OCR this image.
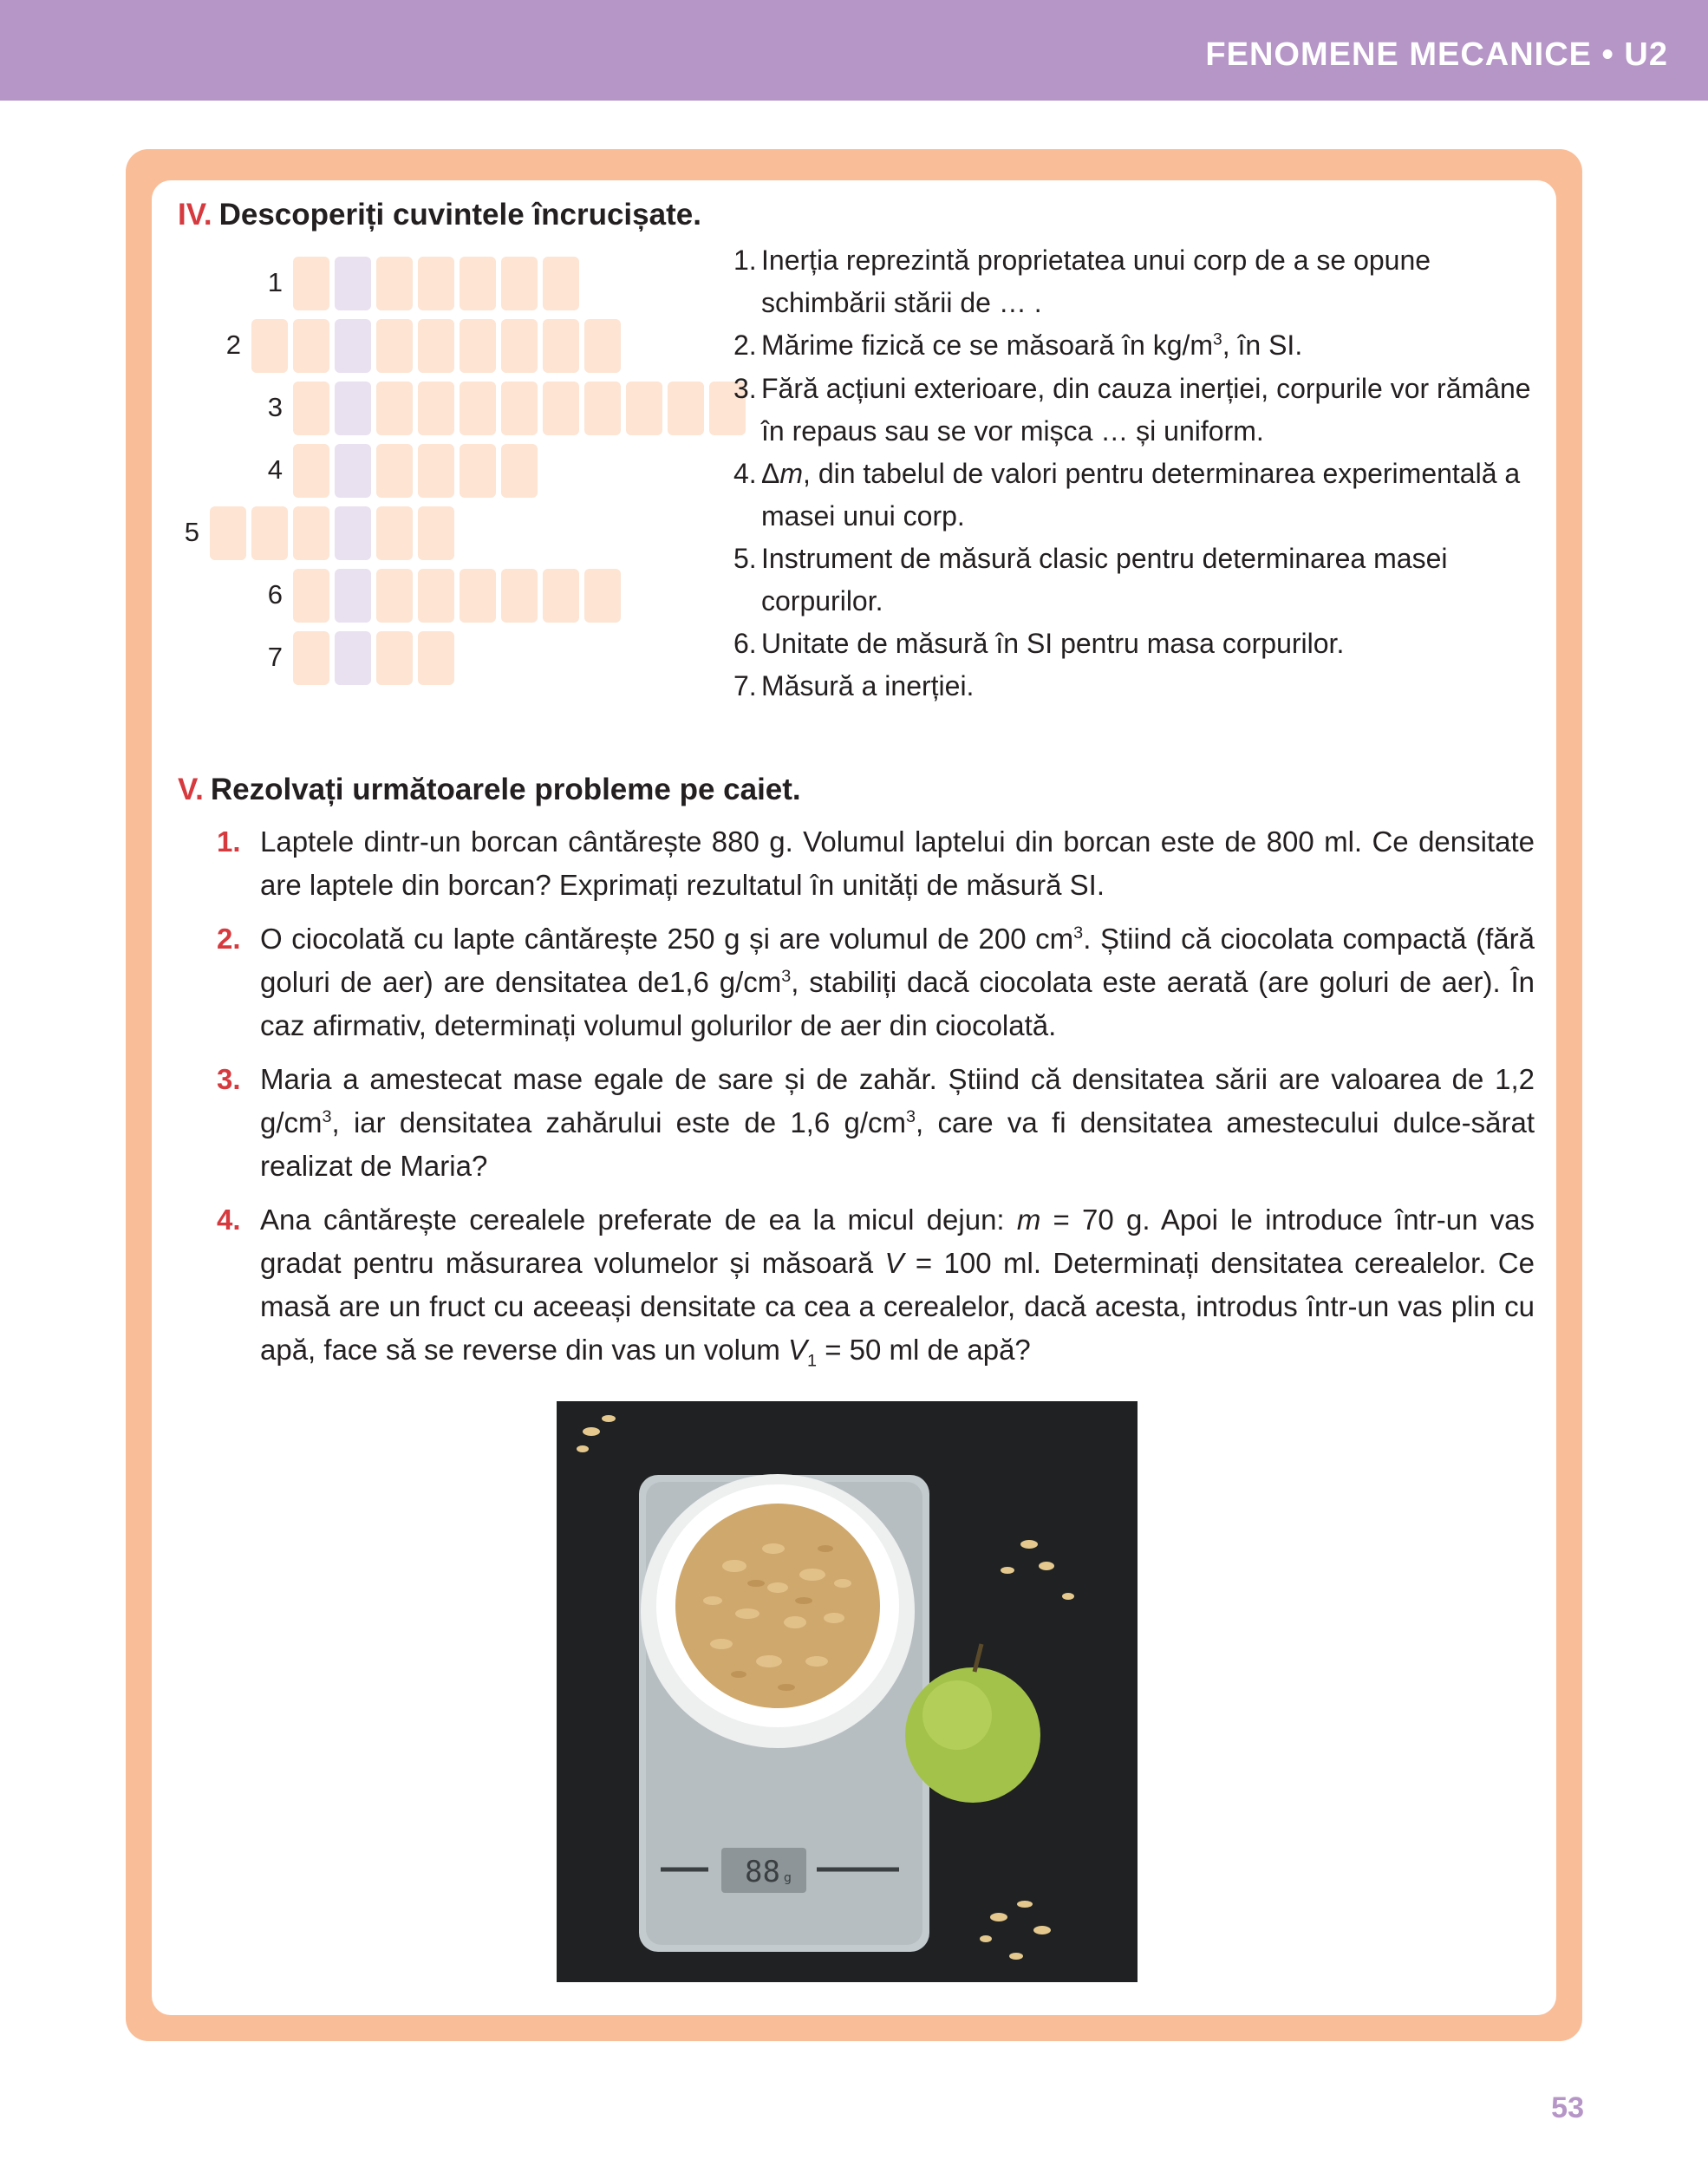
FENOMENE MECANICE • U2
IV. Descoperiți cuvintele încrucișate.
1
2
3
4
5
6
7
1. Inerția reprezintă proprietatea unui corp de a se opune schimbării stării de … .
2. Mărime fizică ce se măsoară în $kg/m^3$, în SI.
3. Fără acțiuni exterioare, din cauza inerției, corpurile vor rămâne în repaus sau se vor mișca … și uniform.
4. Δm, din tabelul de valori pentru determinarea experimentală a masei unui corp.
5. Instrument de măsură clasic pentru determinarea masei corpurilor.
6. Unitate de măsură în SI pentru masa corpurilor.
7. Măsură a inerției.
V. Rezolvați următoarele probleme pe caiet.
1. Laptele dintr-un borcan cântărește 880 g. Volumul laptelui din borcan este de 800 ml. Ce densitate are laptele din borcan? Exprimați rezultatul în unități de măsură SI.
2. O ciocolată cu lapte cântărește 250 g și are volumul de 200 $cm^3$. Știind că ciocolata compactă (fără goluri de aer) are densitatea de1,6 $g/cm^3$, stabiliți dacă ciocolata este aerată (are goluri de aer). În caz afirmativ, determinați volumul golurilor de aer din ciocolată.
3. Maria a amestecat mase egale de sare și de zahăr. Știind că densitatea sării are valoarea de 1,2 $g/cm^3$, iar densitatea zahărului este de 1,6 $g/cm^3$, care va fi densitatea amestecului dulce-sărat realizat de Maria?
4. Ana cântărește cerealele preferate de ea la micul dejun: m = 70 g. Apoi le introduce într-un vas gradat pentru măsurarea volumelor și măsoară V = 100 ml. Determinați densitatea cerealelor. Ce masă are un fruct cu aceeași densitate ca cea a cerealelor, dacă acesta, introdus într-un vas plin cu apă, face să se reverse din vas un volum $V_1 = 50$ ml de apă?
88 g
53
